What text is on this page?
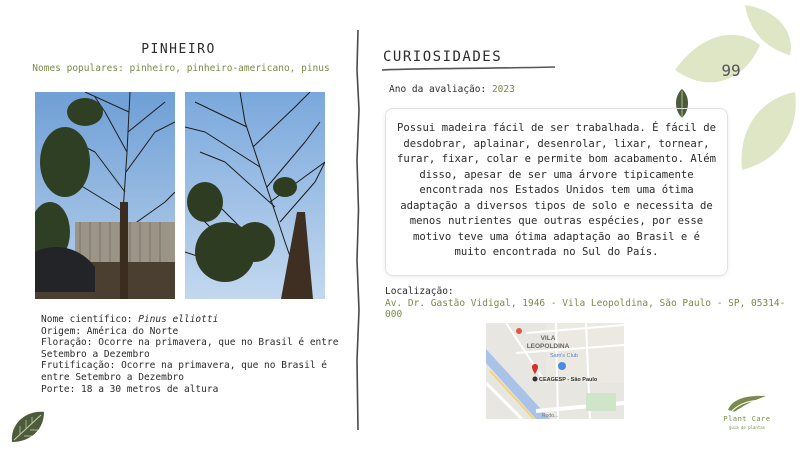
PINHEIRO
Nomes populares: pinheiro, pinheiro-americano, pinus

Nome científico: Pinus elliotti

Origem: América do Norte

Floração: Ocorre na primavera, que no Brasil é entre Setembro a Dezembro

Frutificação: Ocorre na primavera, que no Brasil é entre Setembro a Dezembro

Porte: 18 a 30 metros de altura

CURIOSIDADES
Ano da avaliação: 2023
Possui madeira fácil de ser trabalhada. É fácil de desdobrar, aplainar, desenrolar, lixar, tornear, furar, fixar, colar e permite bom acabamento. Além disso, apesar de ser uma árvore tipicamente encontrada nos Estados Unidos tem uma ótima adaptação a diversos tipos de solo e necessita de menos nutrientes que outras espécies, por esse motivo teve uma ótima adaptação ao Brasil e é muito encontrada no Sul do País.
Localização:
Av. Dr. Gastão Vidigal, 1946 - Vila Leopoldina, São Paulo - SP, 05314-000
VILA
LEOPOLDINA
Sam's Club
CEAGESP - São Paulo
Rodo...
99
Plant Care
guia de plantas
